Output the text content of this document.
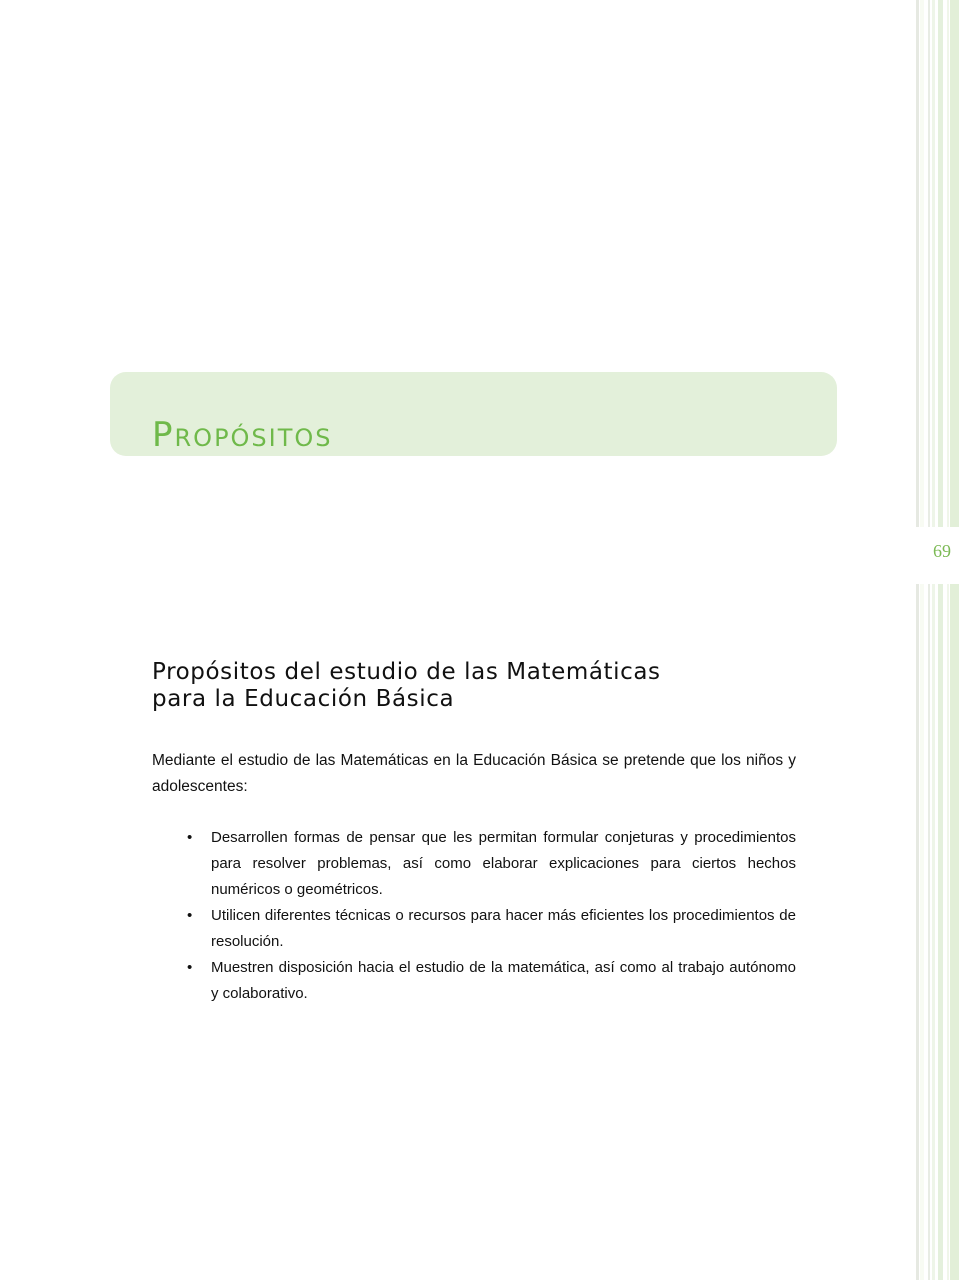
69
Propósitos
Propósitos del estudio de las Matemáticas
para la Educación Básica

Mediante el estudio de las Matemáticas en la Educación Básica se pretende que los niños y adolescentes:

• Desarrollen formas de pensar que les permitan formular conjeturas y procedimientos para resolver problemas, así como elaborar explicaciones para ciertos hechos numéricos o geométricos.
• Utilicen diferentes técnicas o recursos para hacer más eficientes los procedimientos de resolución.
• Muestren disposición hacia el estudio de la matemática, así como al trabajo autónomo y colaborativo.
